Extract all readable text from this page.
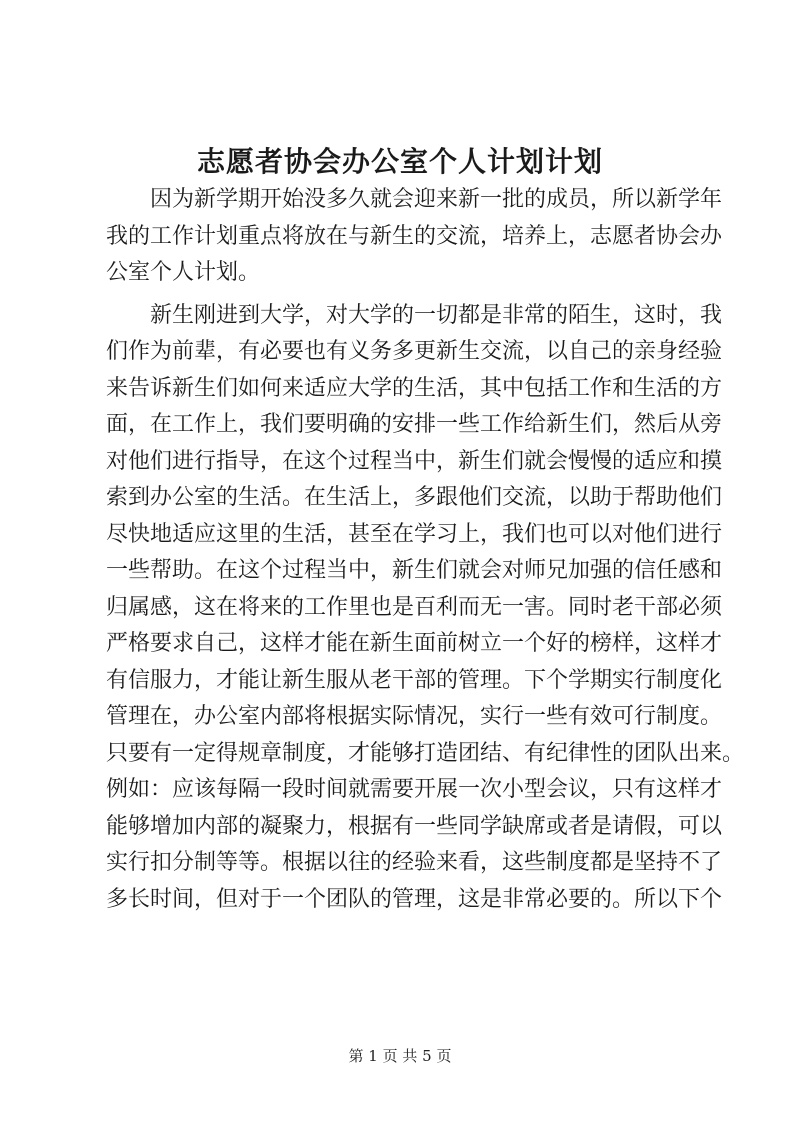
志愿者协会办公室个人计划计划
　　因为新学期开始没多久就会迎来新一批的成员，所以新学年
我的工作计划重点将放在与新生的交流，培养上，志愿者协会办
公室个人计划。
　　新生刚进到大学，对大学的一切都是非常的陌生，这时，我
们作为前辈，有必要也有义务多更新生交流，以自己的亲身经验
来告诉新生们如何来适应大学的生活，其中包括工作和生活的方
面，在工作上，我们要明确的安排一些工作给新生们，然后从旁
对他们进行指导，在这个过程当中，新生们就会慢慢的适应和摸
索到办公室的生活。在生活上，多跟他们交流，以助于帮助他们
尽快地适应这里的生活，甚至在学习上，我们也可以对他们进行
一些帮助。在这个过程当中，新生们就会对师兄加强的信任感和
归属感，这在将来的工作里也是百利而无一害。同时老干部必须
严格要求自己，这样才能在新生面前树立一个好的榜样，这样才
有信服力，才能让新生服从老干部的管理。下个学期实行制度化
管理在，办公室内部将根据实际情况，实行一些有效可行制度。
只要有一定得规章制度，才能够打造团结、有纪律性的团队出来。
例如：应该每隔一段时间就需要开展一次小型会议，只有这样才
能够增加内部的凝聚力，根据有一些同学缺席或者是请假，可以
实行扣分制等等。根据以往的经验来看，这些制度都是坚持不了
多长时间，但对于一个团队的管理，这是非常必要的。所以下个
第 1 页 共 5 页
